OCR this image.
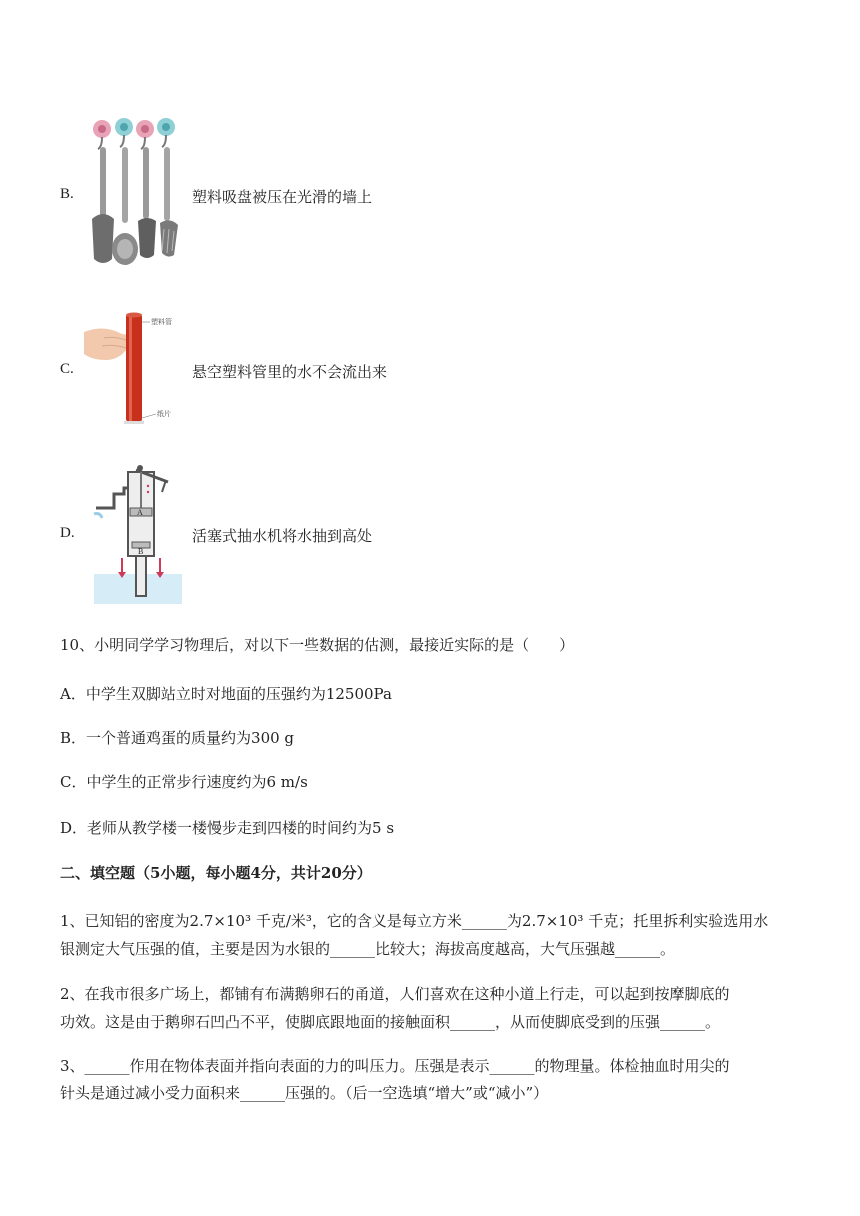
B.	塑料吸盘被压在光滑的墙上
C.
塑料管
纸片
悬空塑料管里的水不会流出来
D.
A
B
活塞式抽水机将水抽到高处
10、小明同学学习物理后，对以下一些数据的估测，最接近实际的是（　　）
A．中学生双脚站立时对地面的压强约为12500Pa
B．一个普通鸡蛋的质量约为300 g
C．中学生的正常步行速度约为6 m/s
D．老师从教学楼一楼慢步走到四楼的时间约为5 s
二、填空题（5小题，每小题4分，共计20分）
1、已知铝的密度为2.7×10³ 千克/米³，它的含义是每立方米______为2.7×10³ 千克；托里拆利实验选用水
银测定大气压强的值，主要是因为水银的______比较大；海拔高度越高，大气压强越______。
2、在我市很多广场上，都铺有布满鹅卵石的甬道，人们喜欢在这种小道上行走，可以起到按摩脚底的
功效。这是由于鹅卵石凹凸不平，使脚底跟地面的接触面积______，从而使脚底受到的压强______。
3、______作用在物体表面并指向表面的力的叫压力。压强是表示______的物理量。体检抽血时用尖的
针头是通过减小受力面积来______压强的。（后一空选填“增大”或“减小”）
